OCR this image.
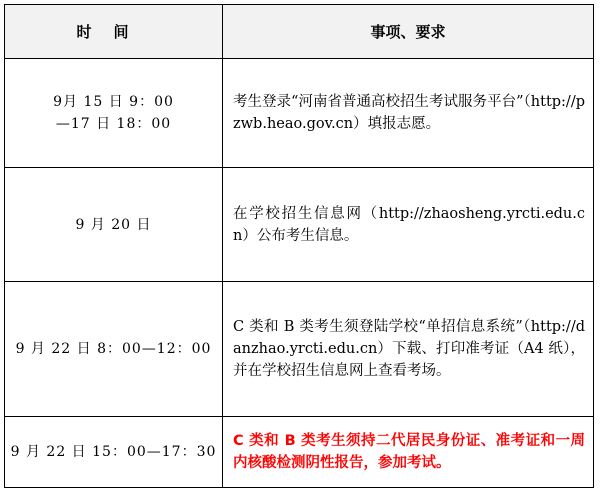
时间	事项、要求

9月 15 日 9：00
—17 日 18：00	考生登录“河南省普通高校招生考试服务平台”（http://pzwb.heao.gov.cn）填报志愿。

9 月 20 日	在学校招生信息网（http://zhaosheng.yrcti.edu.cn）公布考生信息。

9 月 22 日 8：00—12：00	C 类和 B 类考生须登陆学校“单招信息系统”（http://danzhao.yrcti.edu.cn）下载、打印准考证（A4 纸），并在学校招生信息网上查看考场。

9 月 22 日 15：00—17：30	C 类和 B 类考生须持二代居民身份证、准考证和一周内核酸检测阴性报告，参加考试。
